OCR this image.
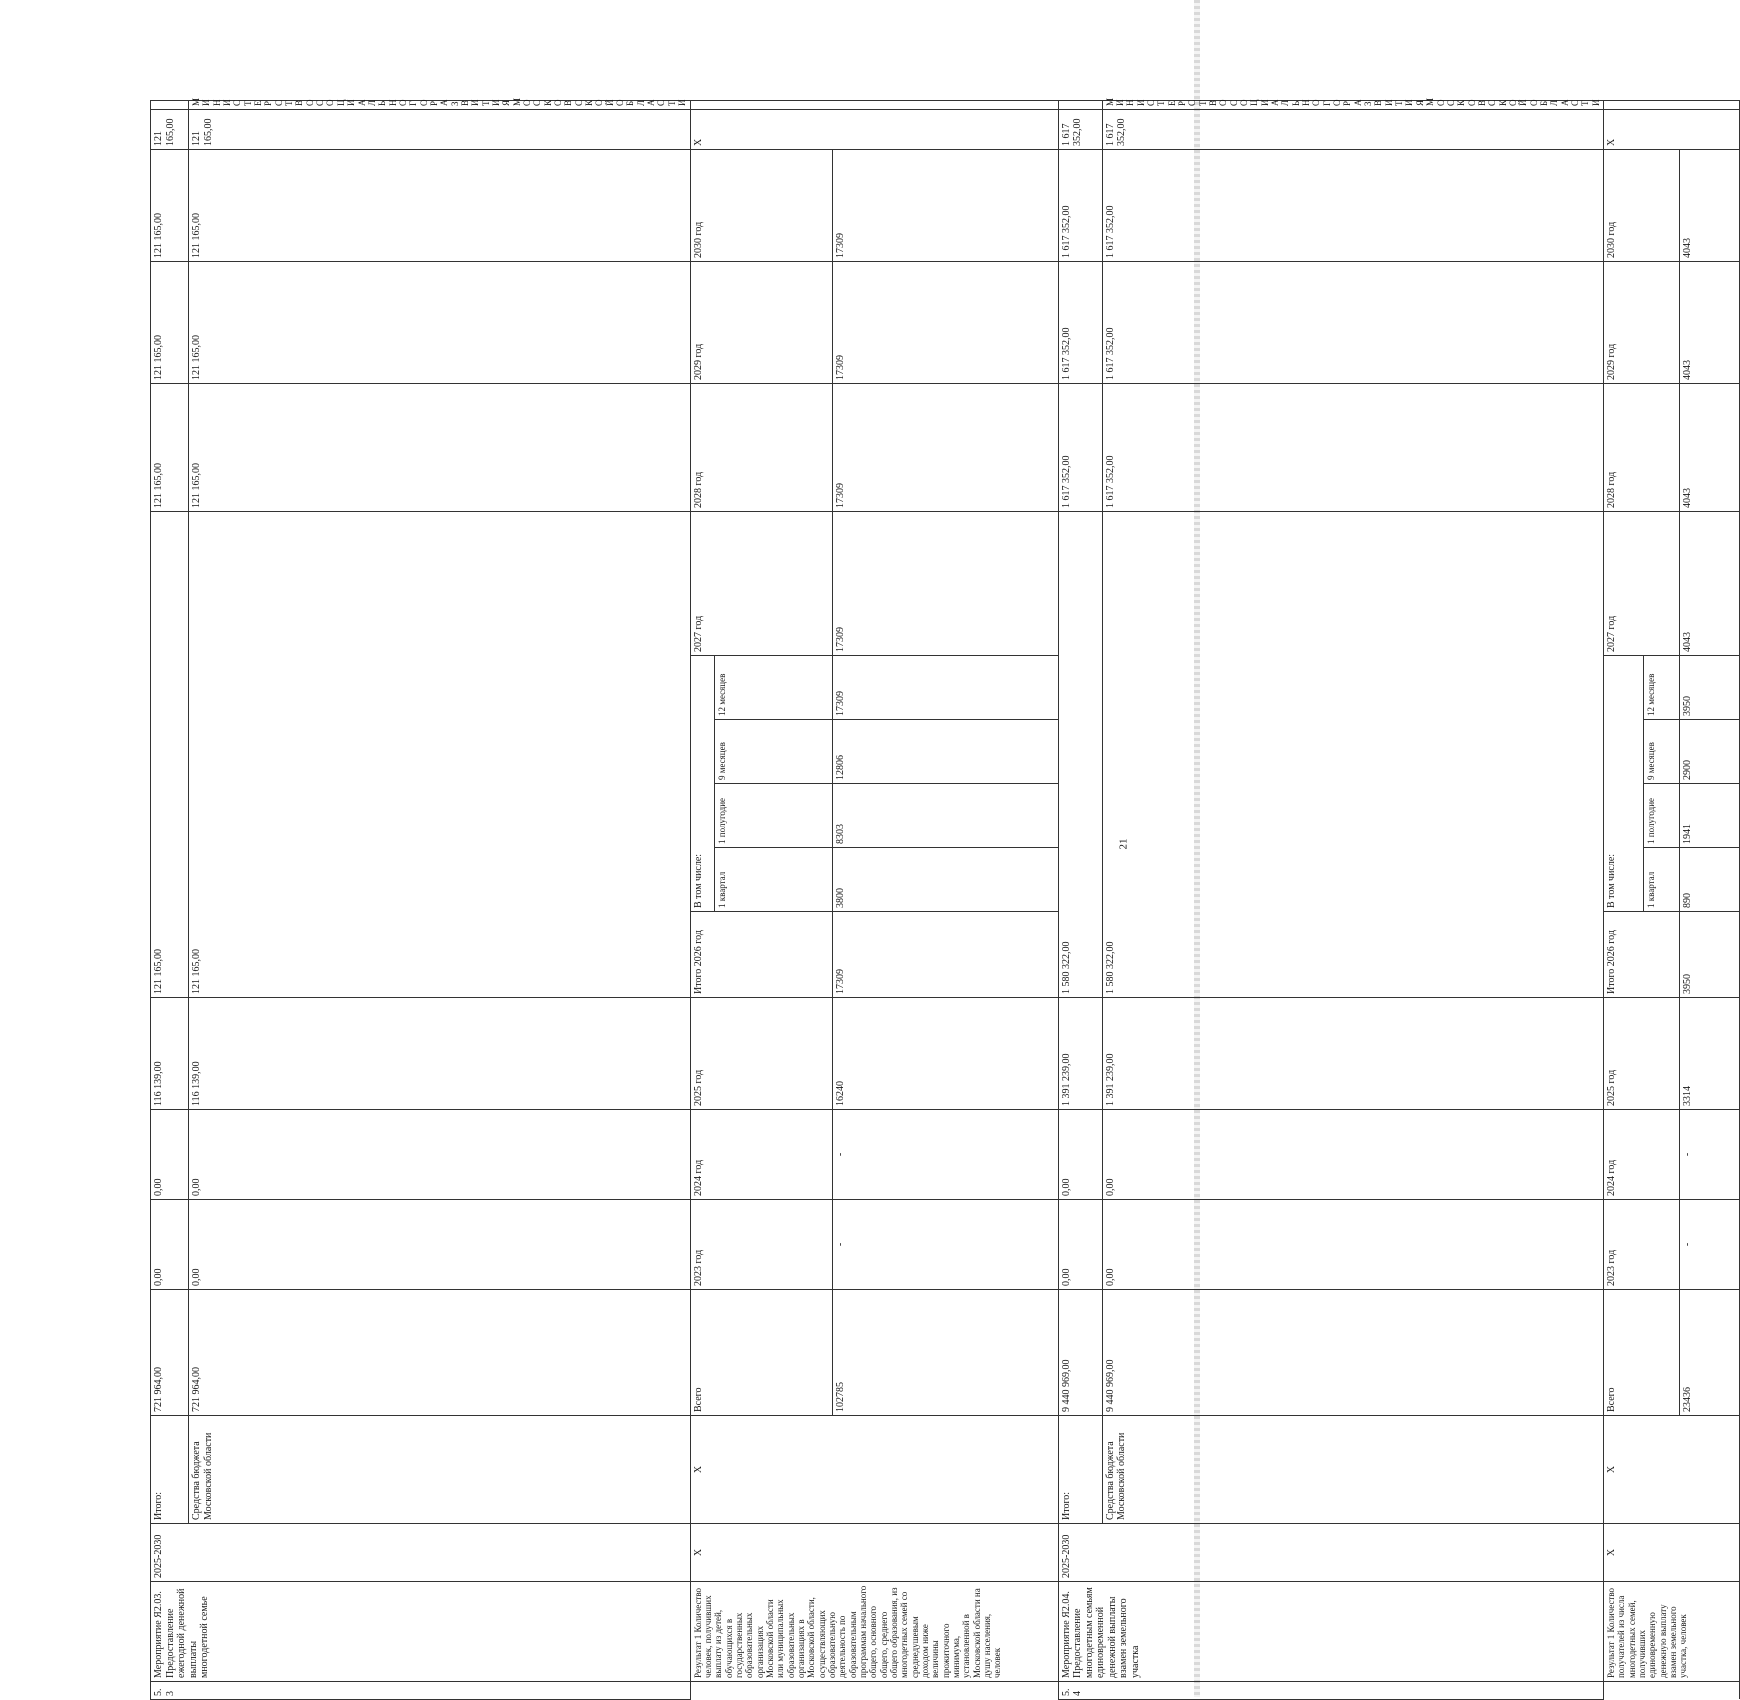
5.3	Мероприятие Я2.03. Предоставление ежегодной денежной выплаты многодетной семье	2025-2030	Итого:	721 964,00	0,00	0,00	116 139,00	121 165,00						121 165,00	121 165,00	121 165,00	121 165,00	
			Средства бюджета Московской области	721 964,00	0,00	0,00	116 139,00	121 165,00						121 165,00	121 165,00	121 165,00	121 165,00	МИНИСТЕРСТВО СОЦИАЛЬНОГО РАЗВИТИЯ МОСКОВСКОЙ ОБЛАСТИ
	Результат 1 Количество человек, получивших выплату из детей, обучающихся в государственных образовательных организациях Московской области или муниципальных образовательных организациях в Московской области, осуществляющих образовательную деятельность по образовательным программам начального общего, основного общего, среднего общего образования, из многодетных семей со среднедушевым доходом ниже величины прожиточного минимума, установленной в Московской области на душу населения, человек	X	X	Всего	2023 год	2024 год	2025 год	Итого 2026 год	В том числе:				2027 год	2028 год	2029 год	2030 год	X	
									1 квартал	1 полугодие	9 месяцев	12 месяцев						
				102785	-	-	16240	17309	3800	8303	12806	17309	17309	17309	17309	17309		
5.4	Мероприятие Я2.04. Предоставление многодетным семьям единовременной денежной выплаты взамен земельного участка	2025-2030	Итого:	9 440 969,00	0,00	0,00	1 391 239,00	1 580 322,00						1 617 352,00	1 617 352,00	1 617 352,00	1 617 352,00	
			Средства бюджета Московской области	9 440 969,00	0,00	0,00	1 391 239,00	1 580 322,00						1 617 352,00	1 617 352,00	1 617 352,00	1 617 352,00	МИНИСТЕРСТВО СОЦИАЛЬНОГО РАЗВИТИЯ МОСКОВСКОЙ ОБЛАСТИ
	Результат 1 Количество получателей из числа многодетных семей, получивших единовременную денежную выплату взамен земельного участка, человек	X	X	Всего	2023 год	2024 год	2025 год	Итого 2026 год	В том числе:				2027 год	2028 год	2029 год	2030 год	X	
									1 квартал	1 полугодие	9 месяцев	12 месяцев						
				23436	-	-	3314	3950	890	1941	2900	3950	4043	4043	4043	4043		
21
